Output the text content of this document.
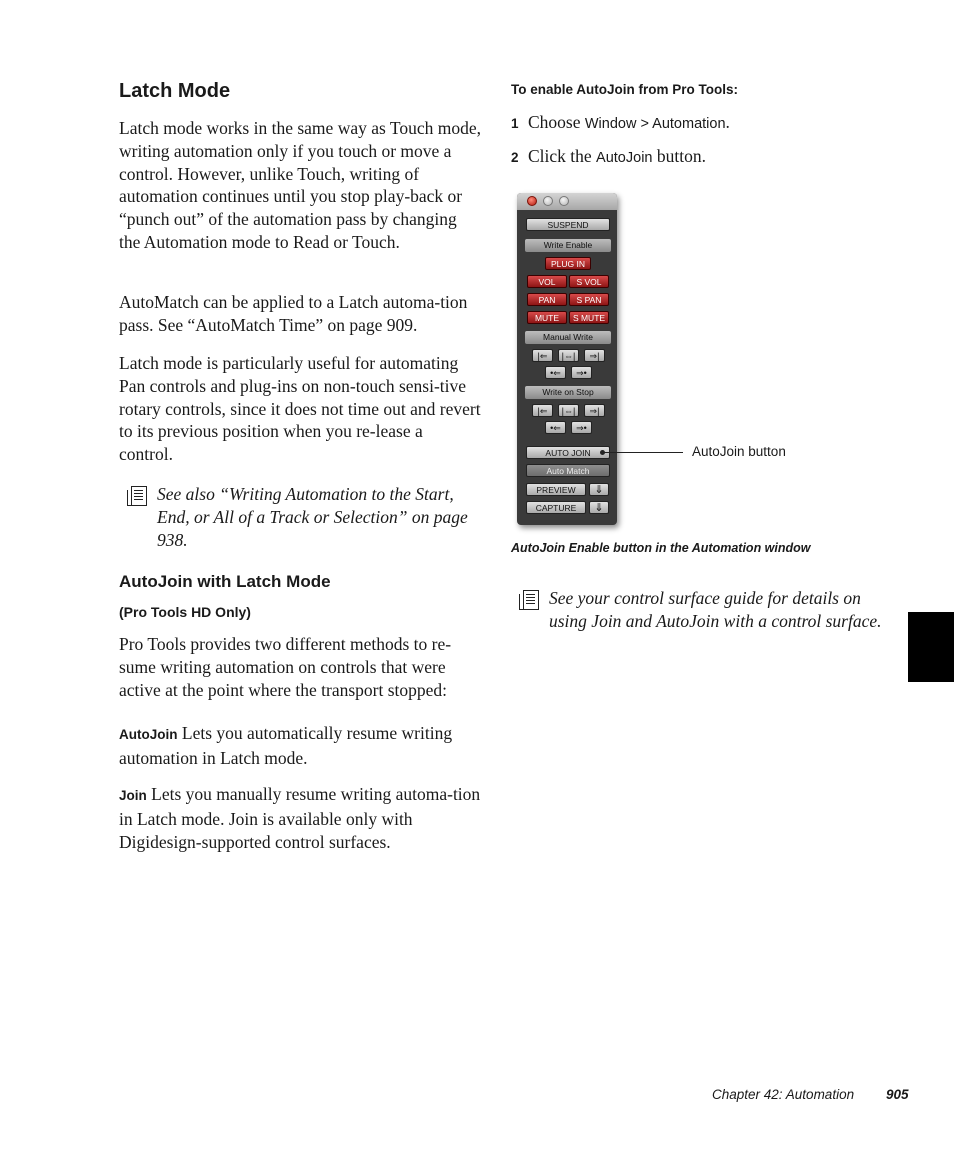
Latch Mode

Latch mode works in the same way as Touch mode, writing automation only if you touch or move a control. However, unlike Touch, writing of automation continues until you stop play-back or “punch out” of the automation pass by changing the Automation mode to Read or Touch.

AutoMatch can be applied to a Latch automa-tion pass. See “AutoMatch Time” on page 909.

Latch mode is particularly useful for automating Pan controls and plug-ins on non-touch sensi-tive rotary controls, since it does not time out and revert to its previous position when you re-lease a control.

See also “Writing Automation to the Start, End, or All of a Track or Selection” on page 938.

AutoJoin with Latch Mode
(Pro Tools HD Only)

Pro Tools provides two different methods to re-sume writing automation on controls that were active at the point where the transport stopped:

AutoJoin Lets you automatically resume writing automation in Latch mode.

Join Lets you manually resume writing automa-tion in Latch mode. Join is available only with Digidesign-supported control surfaces.

To enable AutoJoin from Pro Tools:
1 Choose Window > Automation.
2 Click the AutoJoin button.
SUSPEND
Write Enable
PLUG IN
VOL	S VOL
PAN	S PAN
MUTE	S MUTE
Manual Write
|⇐	|⇔|	⇒|
•⇐	⇒•
Write on Stop
|⇐	|⇔|	⇒|
•⇐	⇒•
AUTO JOIN
Auto Match
PREVIEW	⇓
CAPTURE	⇓
AutoJoin button
AutoJoin Enable button in the Automation window

See your control surface guide for details on using Join and AutoJoin with a control surface.

Chapter 42: Automation 905
